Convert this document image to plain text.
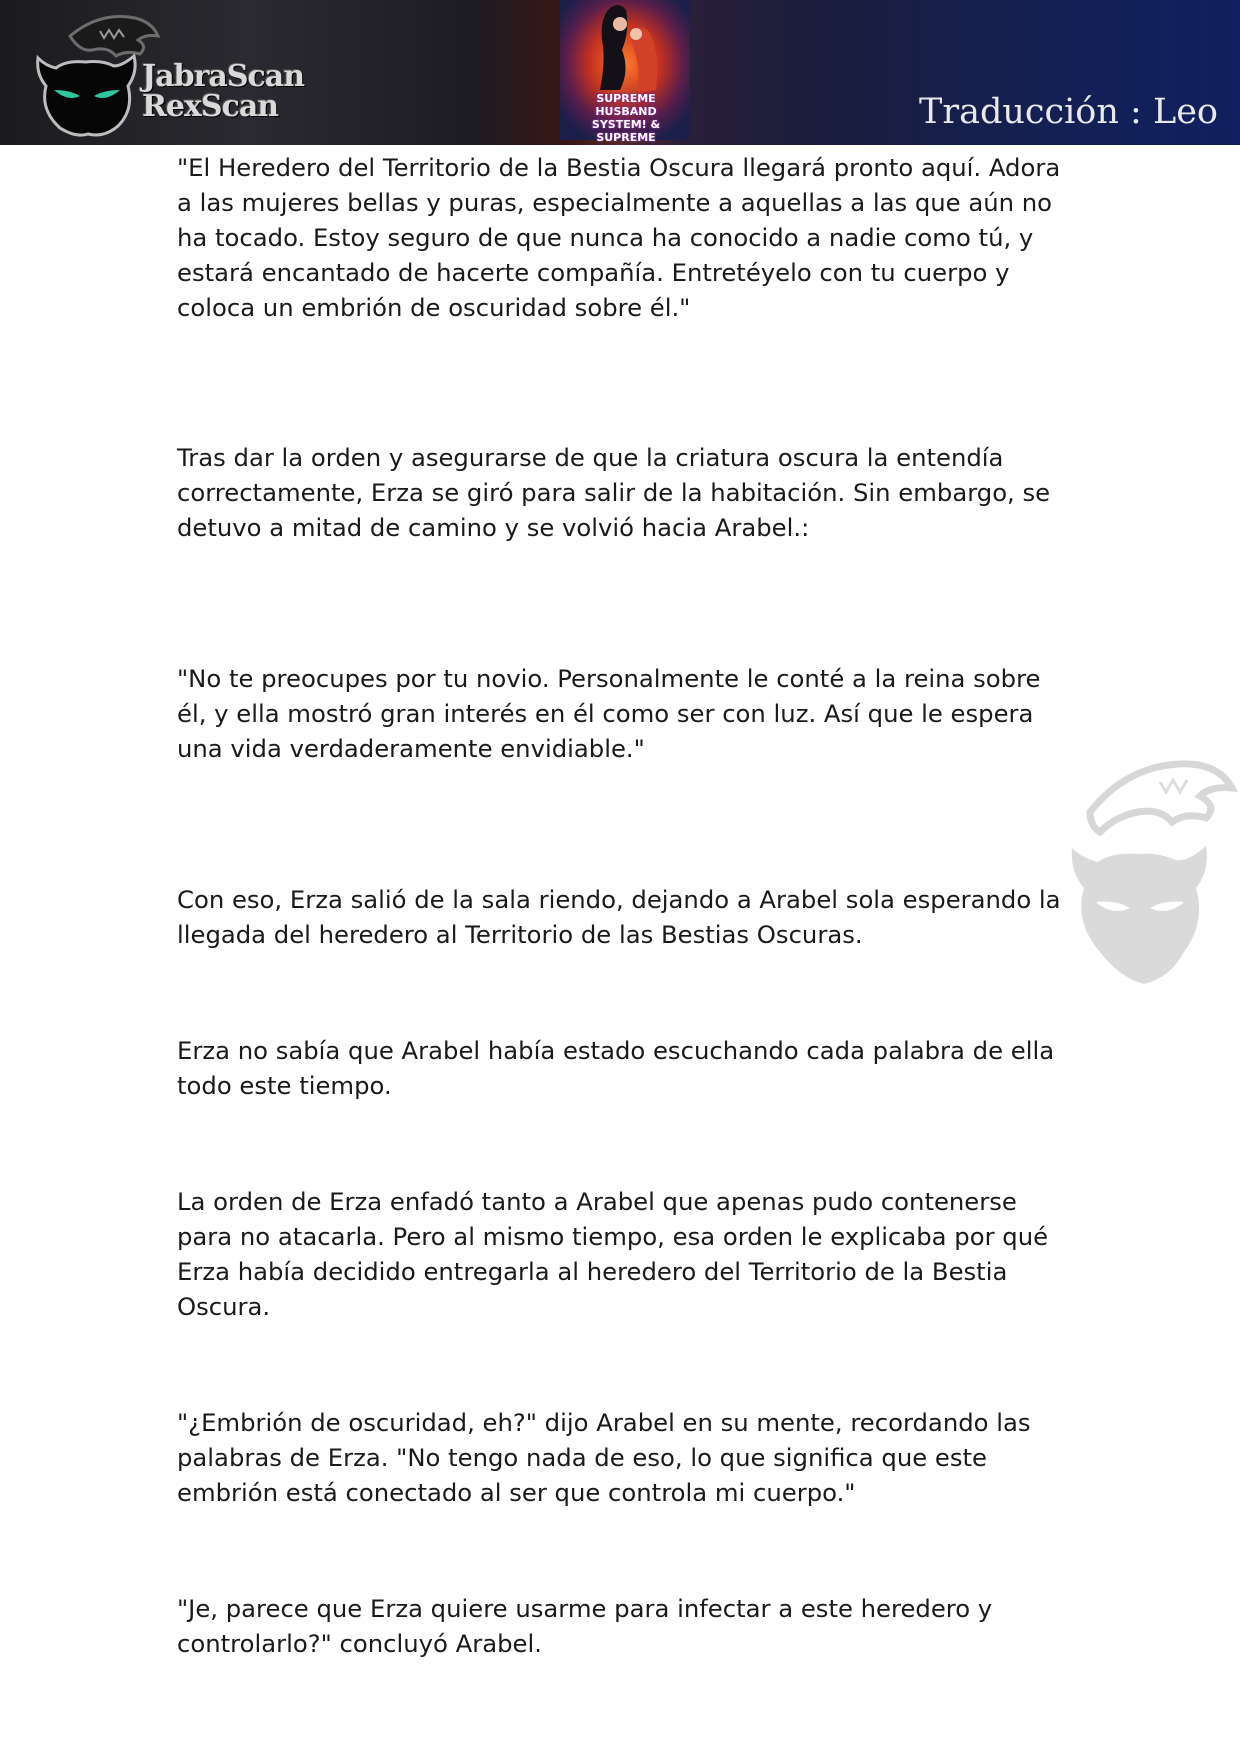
JabraScan
RexScan	SUPREME HUSBAND
SYSTEM! & SUPREME
Traducción : Leo

"El Heredero del Territorio de la Bestia Oscura llegará pronto aquí. Adora a las mujeres bellas y puras, especialmente a aquellas a las que aún no ha tocado. Estoy seguro de que nunca ha conocido a nadie como tú, y estará encantado de hacerte compañía. Entretéyelo con tu cuerpo y coloca un embrión de oscuridad sobre él."

Tras dar la orden y asegurarse de que la criatura oscura la entendía correctamente, Erza se giró para salir de la habitación. Sin embargo, se detuvo a mitad de camino y se volvió hacia Arabel.:

"No te preocupes por tu novio. Personalmente le conté a la reina sobre él, y ella mostró gran interés en él como ser con luz. Así que le espera una vida verdaderamente envidiable."

Con eso, Erza salió de la sala riendo, dejando a Arabel sola esperando la llegada del heredero al Territorio de las Bestias Oscuras.

Erza no sabía que Arabel había estado escuchando cada palabra de ella todo este tiempo.

La orden de Erza enfadó tanto a Arabel que apenas pudo contenerse para no atacarla. Pero al mismo tiempo, esa orden le explicaba por qué Erza había decidido entregarla al heredero del Territorio de la Bestia Oscura.

"¿Embrión de oscuridad, eh?" dijo Arabel en su mente, recordando las palabras de Erza. "No tengo nada de eso, lo que significa que este embrión está conectado al ser que controla mi cuerpo."

"Je, parece que Erza quiere usarme para infectar a este heredero y controlarlo?" concluyó Arabel.
